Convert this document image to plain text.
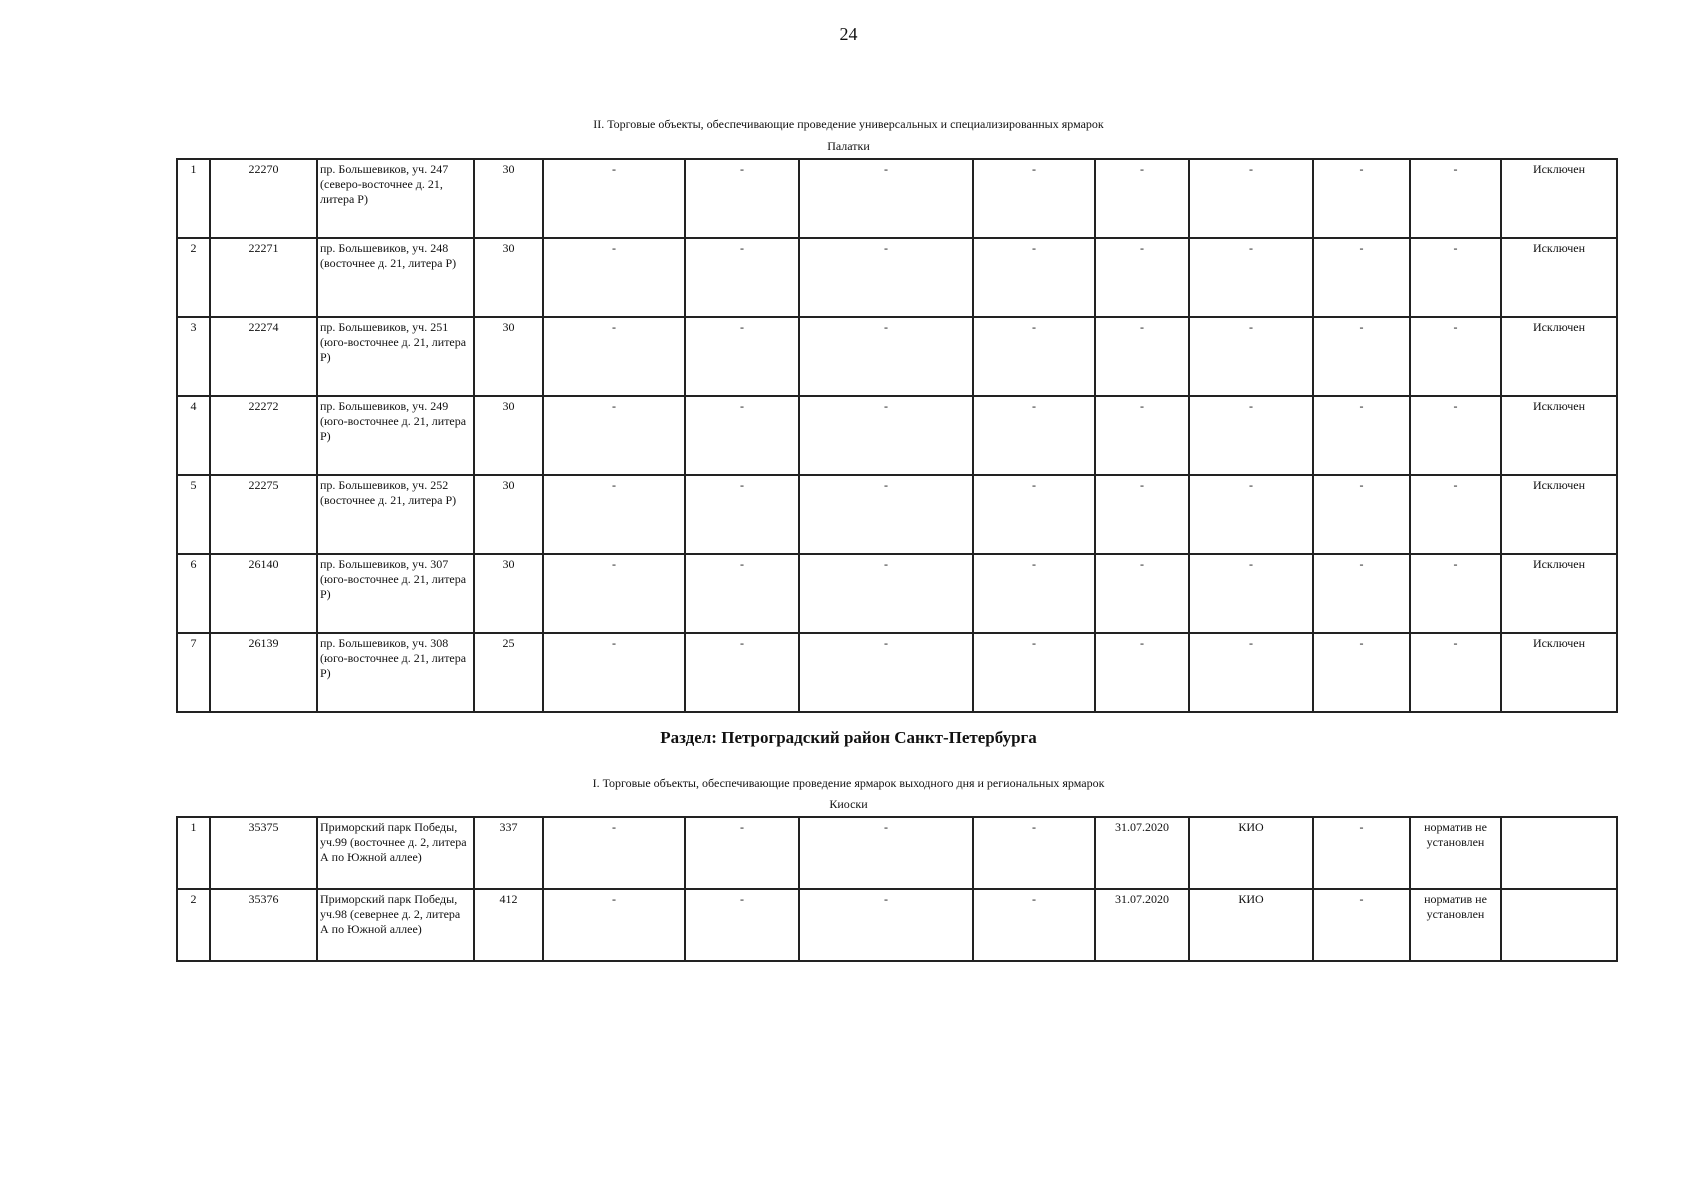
24
II. Торговые объекты, обеспечивающие проведение универсальных и специализированных ярмарок
Палатки
1	22270	пр. Большевиков, уч. 247 (северо-восточнее д. 21, литера Р)	30	-	-	-	-	-	-	-	-	Исключен
2	22271	пр. Большевиков, уч. 248 (восточнее д. 21, литера Р)	30	-	-	-	-	-	-	-	-	Исключен
3	22274	пр. Большевиков, уч. 251 (юго-восточнее д. 21, литера Р)	30	-	-	-	-	-	-	-	-	Исключен
4	22272	пр. Большевиков, уч. 249 (юго-восточнее д. 21, литера Р)	30	-	-	-	-	-	-	-	-	Исключен
5	22275	пр. Большевиков, уч. 252 (восточнее д. 21, литера Р)	30	-	-	-	-	-	-	-	-	Исключен
6	26140	пр. Большевиков, уч. 307 (юго-восточнее д. 21, литера Р)	30	-	-	-	-	-	-	-	-	Исключен
7	26139	пр. Большевиков, уч. 308 (юго-восточнее д. 21, литера Р)	25	-	-	-	-	-	-	-	-	Исключен
Раздел: Петроградский район Санкт-Петербурга
I. Торговые объекты, обеспечивающие проведение ярмарок выходного дня и региональных ярмарок
Киоски
1	35375	Приморский парк Победы, уч.99 (восточнее д. 2, литера А по Южной аллее)	337	-	-	-	-	31.07.2020	КИО	-	норматив не установлен	
2	35376	Приморский парк Победы, уч.98 (севернее д. 2, литера А по Южной аллее)	412	-	-	-	-	31.07.2020	КИО	-	норматив не установлен	
